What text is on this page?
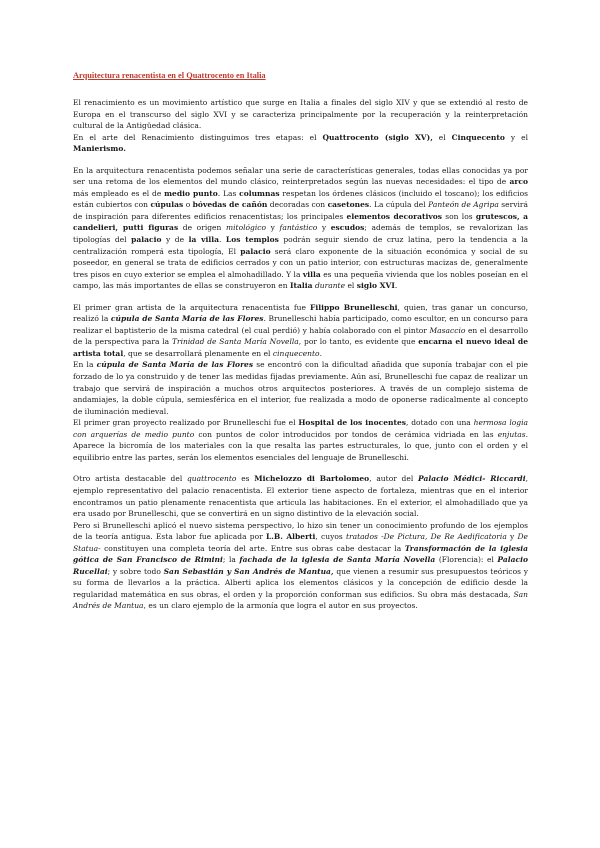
Arquitectura renacentista en el Quattrocento en Italia

El renacimiento es un movimiento artístico que surge en Italia a finales del siglo XIV y que se extendió al resto de Europa en el transcurso del siglo XVI y se caracteriza principalmente por la recuperación y la reinterpretación cultural de la Antigüedad clásica.

En el arte del Renacimiento distinguimos tres etapas: el Quattrocento (siglo XV), el Cinquecento y el Manierismo.

En la arquitectura renacentista podemos señalar una serie de características generales, todas ellas conocidas ya por ser una retoma de los elementos del mundo clásico, reinterpretados según las nuevas necesidades: el tipo de arco más empleado es el de medio punto. Las columnas respetan los órdenes clásicos (incluido el toscano); los edificios están cubiertos con cúpulas o bóvedas de cañón decoradas con casetones. La cúpula del Panteón de Agripa servirá de inspiración para diferentes edificios renacentistas; los principales elementos decorativos son los grutescos, a candelieri, putti figuras de origen mitológico y fantástico y escudos; además de templos, se revalorizan las tipologías del palacio y de la villa. Los templos podrán seguir siendo de cruz latina, pero la tendencia a la centralización romperá esta tipología, El palacio será claro exponente de la situación económica y social de su poseedor, en general se trata de edificios cerrados y con un patio interior, con estructuras macizas de, generalmente tres pisos en cuyo exterior se emplea el almohadillado. Y la villa es una pequeña vivienda que los nobles poseían en el campo, las más importantes de ellas se construyeron en Italia durante el siglo XVI.

El primer gran artista de la arquitectura renacentista fue Filippo Brunelleschi, quien, tras ganar un concurso, realizó la cúpula de Santa María de las Flores. Brunelleschi había participado, como escultor, en un concurso para realizar el baptisterio de la misma catedral (el cual perdió) y había colaborado con el pintor Masaccio en el desarrollo de la perspectiva para la Trinidad de Santa María Novella, por lo tanto, es evidente que encarna el nuevo ideal de artista total, que se desarrollará plenamente en el cinquecento.

En la cúpula de Santa María de las Flores se encontró con la dificultad añadida que suponía trabajar con el pie forzado de lo ya construido y de tener las medidas fijadas previamente. Aún así, Brunelleschi fue capaz de realizar un trabajo que servirá de inspiración a muchos otros arquitectos posteriores. A través de un complejo sistema de andamiajes, la doble cúpula, semiesférica en el interior, fue realizada a modo de oponerse radicalmente al concepto de iluminación medieval.

El primer gran proyecto realizado por Brunelleschi fue el Hospital de los inocentes, dotado con una hermosa logia con arquerías de medio punto con puntos de color introducidos por tondos de cerámica vidriada en las enjutas. Aparece la bicromía de los materiales con la que resalta las partes estructurales, lo que, junto con el orden y el equilibrio entre las partes, serán los elementos esenciales del lenguaje de Brunelleschi.

Otro artista destacable del quattrocento es Michelozzo di Bartolomeo, autor del Palacio Médici- Riccardi, ejemplo representativo del palacio renacentista. El exterior tiene aspecto de fortaleza, mientras que en el interior encontramos un patio plenamente renacentista que articula las habitaciones. En el exterior, el almohadillado que ya era usado por Brunelleschi, que se convertirá en un signo distintivo de la elevación social.

Pero si Brunelleschi aplicó el nuevo sistema perspectivo, lo hizo sin tener un conocimiento profundo de los ejemplos de la teoría antigua. Esta labor fue aplicada por L.B. Alberti, cuyos tratados -De Pictura, De Re Aedificatoria y De Statua- constituyen una completa teoría del arte. Entre sus obras cabe destacar la Transformación de la iglesia gótica de San Francisco de Rimini; la fachada de la iglesia de Santa María Novella (Florencia): el Palacio Rucellai; y sobre todo San Sebastián y San Andrés de Mantua, que vienen a resumir sus presupuestos teóricos y su forma de llevarlos a la práctica. Alberti aplica los elementos clásicos y la concepción de edificio desde la regularidad matemática en sus obras, el orden y la proporción conforman sus edificios. Su obra más destacada, San Andrés de Mantua, es un claro ejemplo de la armonía que logra el autor en sus proyectos.
